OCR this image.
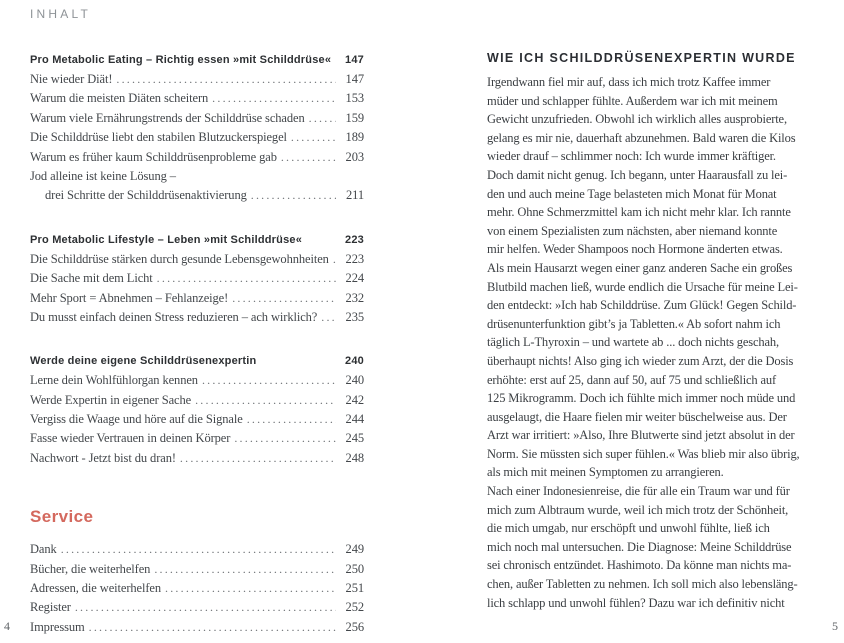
INHALT
Pro Metabolic Eating – Richtig essen »mit Schilddrüse« 147
Nie wieder Diät! .....	147
Warum die meisten Diäten scheitern .....	153
Warum viele Ernährungstrends der Schilddrüse schaden .....	159
Die Schilddrüse liebt den stabilen Blutzuckerspiegel .....	189
Warum es früher kaum Schilddrüsenprobleme gab .....	203
Jod alleine ist keine Lösung –
drei Schritte der Schilddrüsenaktivierung .....	211
Pro Metabolic Lifestyle – Leben »mit Schilddrüse«	223
Die Schilddrüse stärken durch gesunde Lebensgewohnheiten .....	223
Die Sache mit dem Licht .....	224
Mehr Sport = Abnehmen – Fehlanzeige! .....	232
Du musst einfach deinen Stress reduzieren – ach wirklich? .....	235
Werde deine eigene Schilddrüsenexpertin	240
Lerne dein Wohlfühlorgan kennen .....	240
Werde Expertin in eigener Sache .....	242
Vergiss die Waage und höre auf die Signale .....	244
Fasse wieder Vertrauen in deinen Körper .....	245
Nachwort - Jetzt bist du dran! .....	248
Service
Dank .....	249
Bücher, die weiterhelfen .....	250
Adressen, die weiterhelfen .....	251
Register .....	252
Impressum .....	256
4
WIE ICH SCHILDDRÜSENEXPERTIN WURDE
Irgendwann fiel mir auf, dass ich mich trotz Kaffee immer
müder und schlapper fühlte. Außerdem war ich mit meinem
Gewicht unzufrieden. Obwohl ich wirklich alles ausprobierte,
gelang es mir nie, dauerhaft abzunehmen. Bald waren die Kilos
wieder drauf – schlimmer noch: Ich wurde immer kräftiger.
Doch damit nicht genug. Ich begann, unter Haarausfall zu lei-
den und auch meine Tage belasteten mich Monat für Monat
mehr. Ohne Schmerzmittel kam ich nicht mehr klar. Ich rannte
von einem Spezialisten zum nächsten, aber niemand konnte
mir helfen. Weder Shampoos noch Hormone änderten etwas.
Als mein Hausarzt wegen einer ganz anderen Sache ein großes
Blutbild machen ließ, wurde endlich die Ursache für meine Lei-
den entdeckt: »Ich hab Schilddrüse. Zum Glück! Gegen Schild-
drüsenunterfunktion gibt’s ja Tabletten.« Ab sofort nahm ich
täglich L-Thyroxin – und wartete ab ... doch nichts geschah,
überhaupt nichts! Also ging ich wieder zum Arzt, der die Dosis
erhöhte: erst auf 25, dann auf 50, auf 75 und schließlich auf
125 Mikrogramm. Doch ich fühlte mich immer noch müde und
ausgelaugt, die Haare fielen mir weiter büschelweise aus. Der
Arzt war irritiert: »Also, Ihre Blutwerte sind jetzt absolut in der
Norm. Sie müssten sich super fühlen.« Was blieb mir also übrig,
als mich mit meinen Symptomen zu arrangieren.
Nach einer Indonesienreise, die für alle ein Traum war und für
mich zum Albtraum wurde, weil ich mich trotz der Schönheit,
die mich umgab, nur erschöpft und unwohl fühlte, ließ ich
mich noch mal untersuchen. Die Diagnose: Meine Schilddrüse
sei chronisch entzündet. Hashimoto. Da könne man nichts ma-
chen, außer Tabletten zu nehmen. Ich soll mich also lebensläng-
lich schlapp und unwohl fühlen? Dazu war ich definitiv nicht
5
